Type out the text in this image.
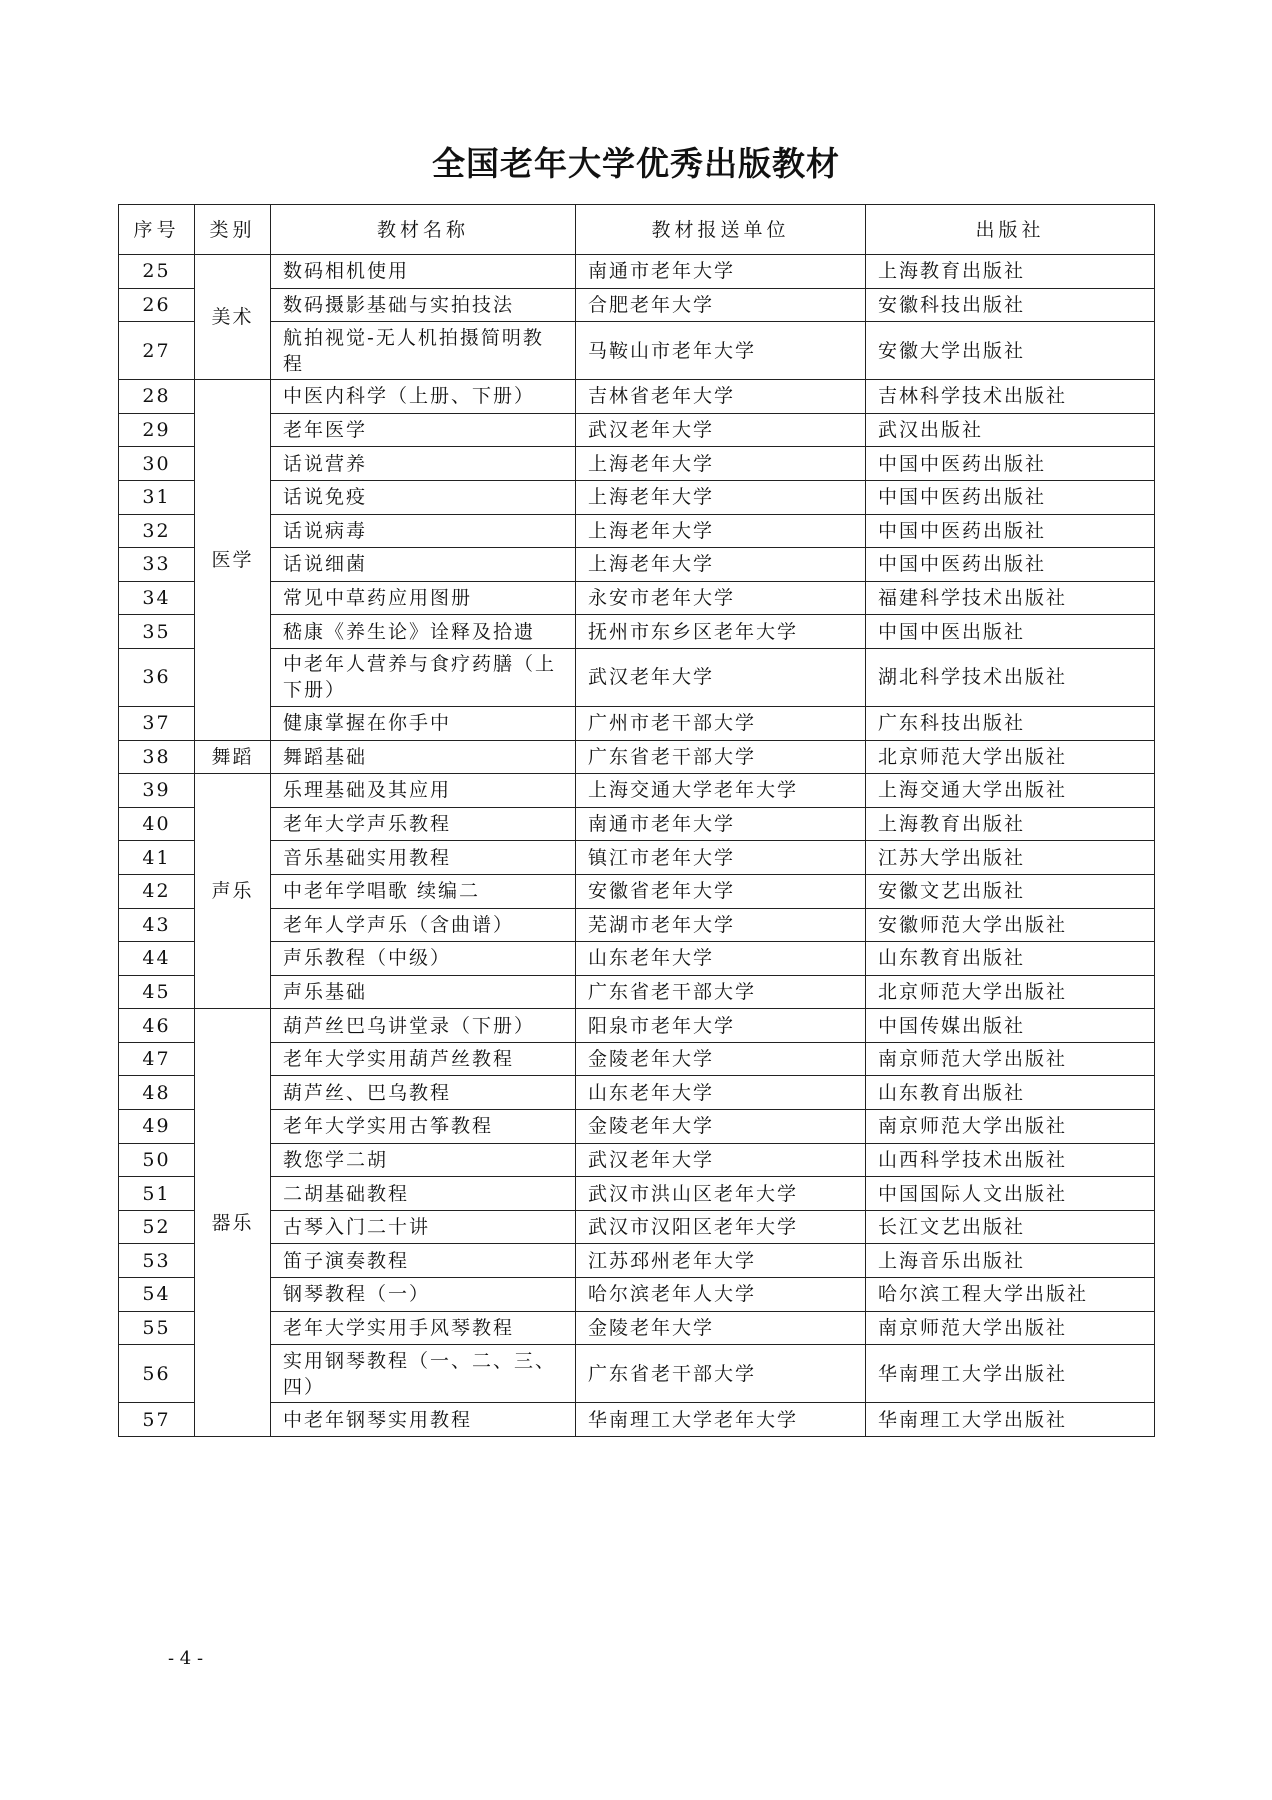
全国老年大学优秀出版教材
序号	类别	教材名称	教材报送单位	出版社
25	美术	数码相机使用	南通市老年大学	上海教育出版社
26		数码摄影基础与实拍技法	合肥老年大学	安徽科技出版社
27		航拍视觉-无人机拍摄简明教程	马鞍山市老年大学	安徽大学出版社
28	医学	中医内科学（上册、下册）	吉林省老年大学	吉林科学技术出版社
29		老年医学	武汉老年大学	武汉出版社
30		话说营养	上海老年大学	中国中医药出版社
31		话说免疫	上海老年大学	中国中医药出版社
32		话说病毒	上海老年大学	中国中医药出版社
33		话说细菌	上海老年大学	中国中医药出版社
34		常见中草药应用图册	永安市老年大学	福建科学技术出版社
35		嵇康《养生论》诠释及拾遗	抚州市东乡区老年大学	中国中医出版社
36		中老年人营养与食疗药膳（上下册）	武汉老年大学	湖北科学技术出版社
37		健康掌握在你手中	广州市老干部大学	广东科技出版社
38	舞蹈	舞蹈基础	广东省老干部大学	北京师范大学出版社
39	声乐	乐理基础及其应用	上海交通大学老年大学	上海交通大学出版社
40		老年大学声乐教程	南通市老年大学	上海教育出版社
41		音乐基础实用教程	镇江市老年大学	江苏大学出版社
42		中老年学唱歌 续编二	安徽省老年大学	安徽文艺出版社
43		老年人学声乐（含曲谱）	芜湖市老年大学	安徽师范大学出版社
44		声乐教程（中级）	山东老年大学	山东教育出版社
45		声乐基础	广东省老干部大学	北京师范大学出版社
46	器乐	葫芦丝巴乌讲堂录（下册）	阳泉市老年大学	中国传媒出版社
47		老年大学实用葫芦丝教程	金陵老年大学	南京师范大学出版社
48		葫芦丝、巴乌教程	山东老年大学	山东教育出版社
49		老年大学实用古筝教程	金陵老年大学	南京师范大学出版社
50		教您学二胡	武汉老年大学	山西科学技术出版社
51		二胡基础教程	武汉市洪山区老年大学	中国国际人文出版社
52		古琴入门二十讲	武汉市汉阳区老年大学	长江文艺出版社
53		笛子演奏教程	江苏邳州老年大学	上海音乐出版社
54		钢琴教程（一）	哈尔滨老年人大学	哈尔滨工程大学出版社
55		老年大学实用手风琴教程	金陵老年大学	南京师范大学出版社
56		实用钢琴教程（一、二、三、四）	广东省老干部大学	华南理工大学出版社
57		中老年钢琴实用教程	华南理工大学老年大学	华南理工大学出版社
- 4 -
